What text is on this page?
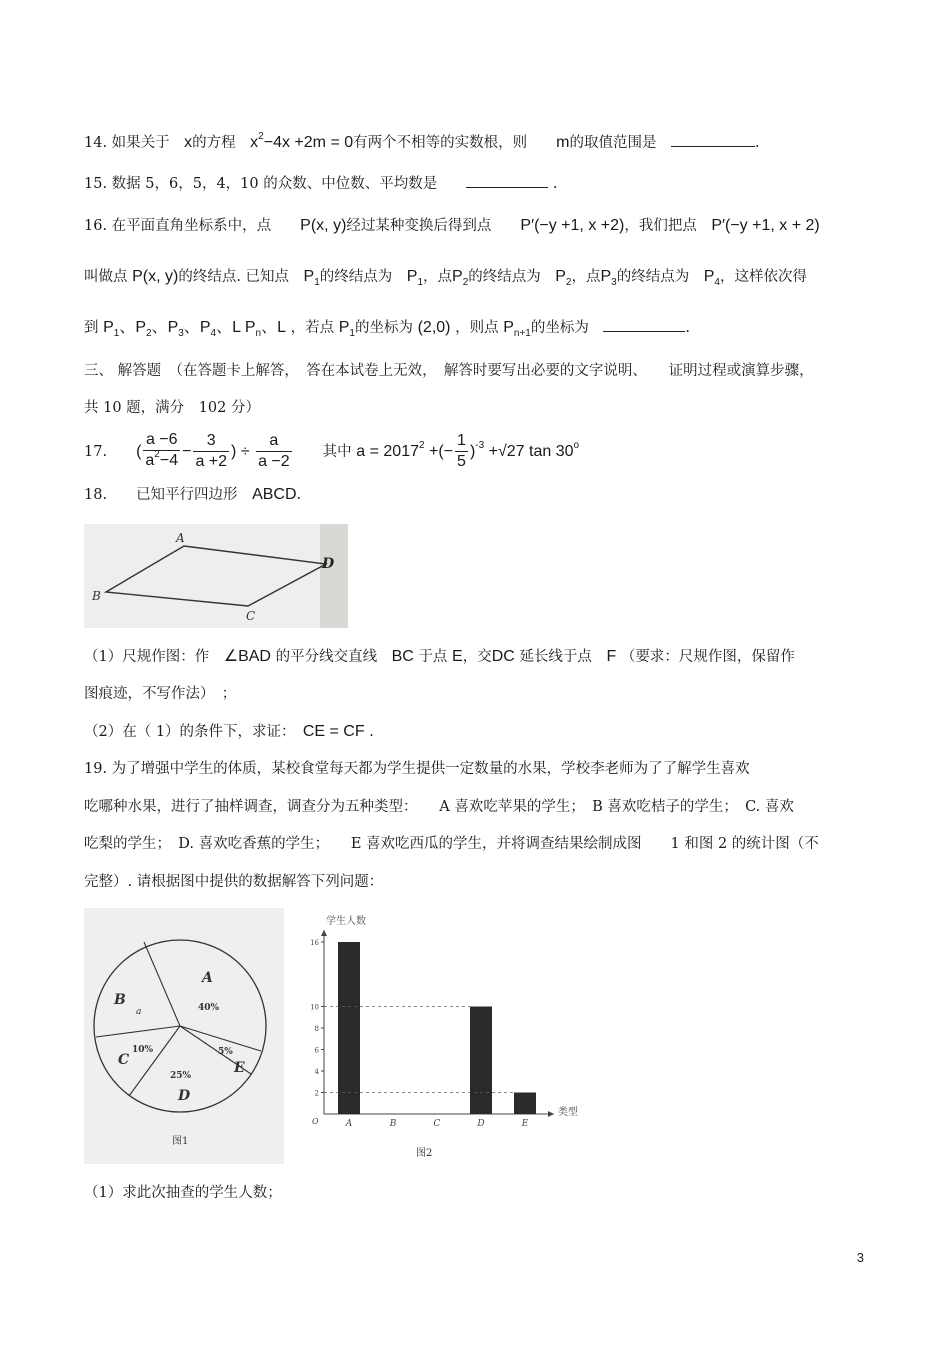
14. 如果关于　 x的方程　 $x^2-4x +2m = 0$有两个不相等的实数根，则　　 m的取值范围是　	.
15. 数据 5，6，5，4，10 的众数、中位数、平均数是　　	.
16. 在平面直角坐标系中，点　　 P(x, y)经过某种变换后得到点　　 P′(−y +1, x +2)，我们把点　 P′(−y +1, x + 2)
叫做点 P(x, y)的终结点. 已知点　 $P_1$的终结点为　 $P_1$，点$P_2$的终结点为　 $P_2$，点$P_3$的终结点为　 $P_4$，这样依次得
到 $P_1$、$P_2$、$P_3$、$P_4$、L $P_n$、L ，若点 $P_1$的坐标为 (2,0) ，则点 $P_{n+1}$的坐标为　	.
三、 解答题　（在答题卡上解答，　答在本试卷上无效，　解答时要写出必要的文字说明、　　证明过程或演算步骤，
共 10 题，满分　102 分）
17.　　 ( $\frac{a -6}{a^2-4} - \frac{3}{a +2}$ ) ÷ $\frac{a}{a -2}$
　　 其中 $a = 2017^2$ +(− $\frac{1}{5} )^{-3} +√27$ tan 30$^o$
18.　　 已知平行四边形　 ABCD.
A
B
C
D
（1）尺规作图：作　 ∠BAD 的平分线交直线　 BC 于点 E，交DC 延长线于点　 F （要求：尺规作图，保留作
图痕迹，不写作法）　；
（2）在（ 1）的条件下，求证：　 CE = CF .
19. 为了增强中学生的体质，某校食堂每天都为学生提供一定数量的水果，学校李老师为了了解学生喜欢
吃哪种水果，进行了抽样调查，调查分为五种类型：　　A 喜欢吃苹果的学生；　B 喜欢吃桔子的学生；　C. 喜欢
吃梨的学生；　D. 喜欢吃香蕉的学生；　　E 喜欢吃西瓜的学生，并将调查结果绘制成图　　1 和图 2 的统计图（不
完整）. 请根据图中提供的数据解答下列问题：
A
40%
B
a
C
10%
D
25%	E
5%
图1
2
4
6
8
10
16
A	B	C	D	E
学生人数
类型
O
图2
（1）求此次抽查的学生人数；
3
